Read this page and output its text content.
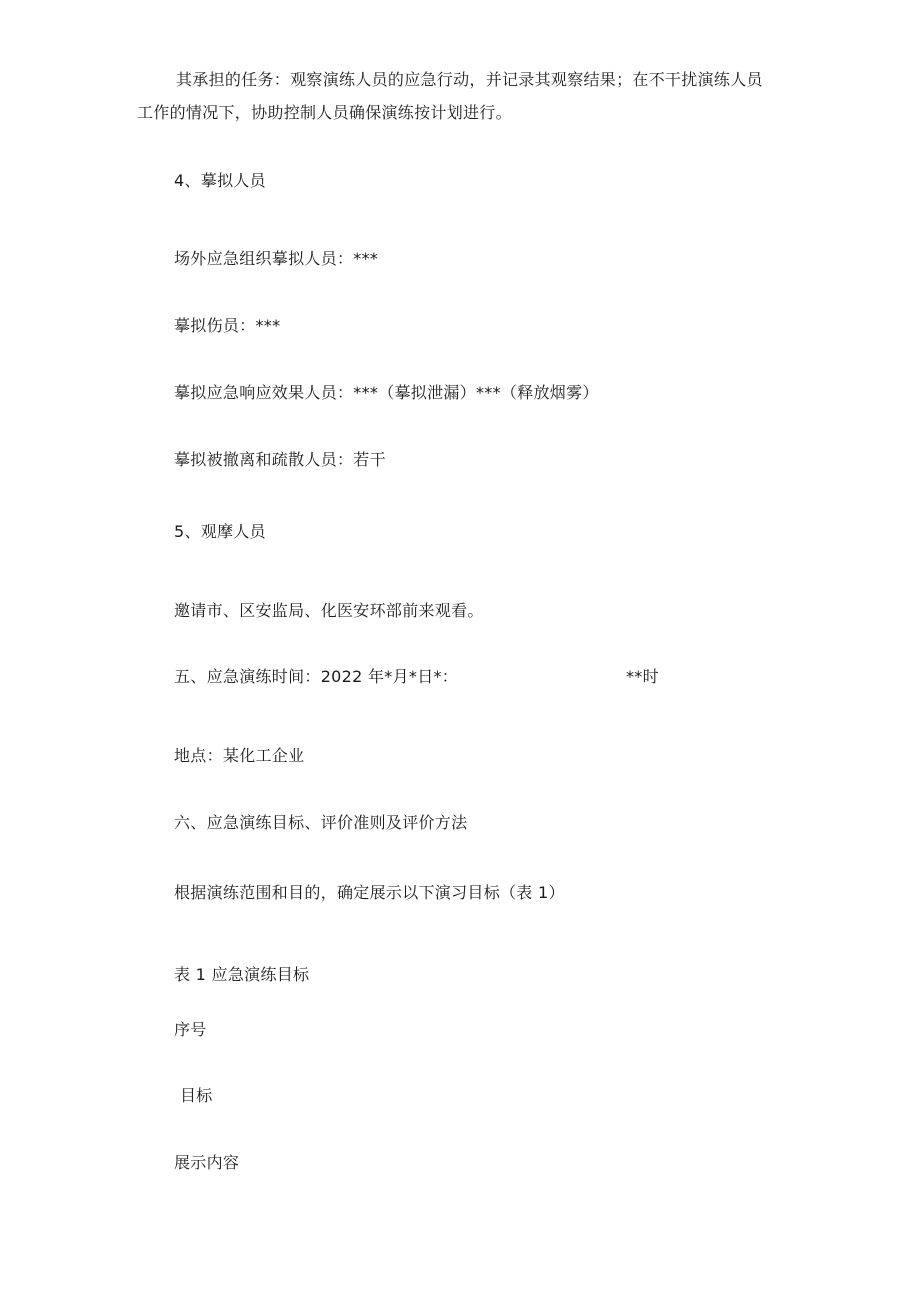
其承担的任务：观察演练人员的应急行动，并记录其观察结果；在不干扰演练人员
工作的情况下，协助控制人员确保演练按计划进行。
4、摹拟人员
场外应急组织摹拟人员：***
摹拟伤员：***
摹拟应急响应效果人员：***（摹拟泄漏）***（释放烟雾）
摹拟被撤离和疏散人员：若干
5、观摩人员
邀请市、区安监局、化医安环部前来观看。
五、应急演练时间：2022 年*月*日*：	**时
地点：某化工企业
六、应急演练目标、评价准则及评价方法
根据演练范围和目的，确定展示以下演习目标（表 1）
表 1 应急演练目标
序号
目标
展示内容
